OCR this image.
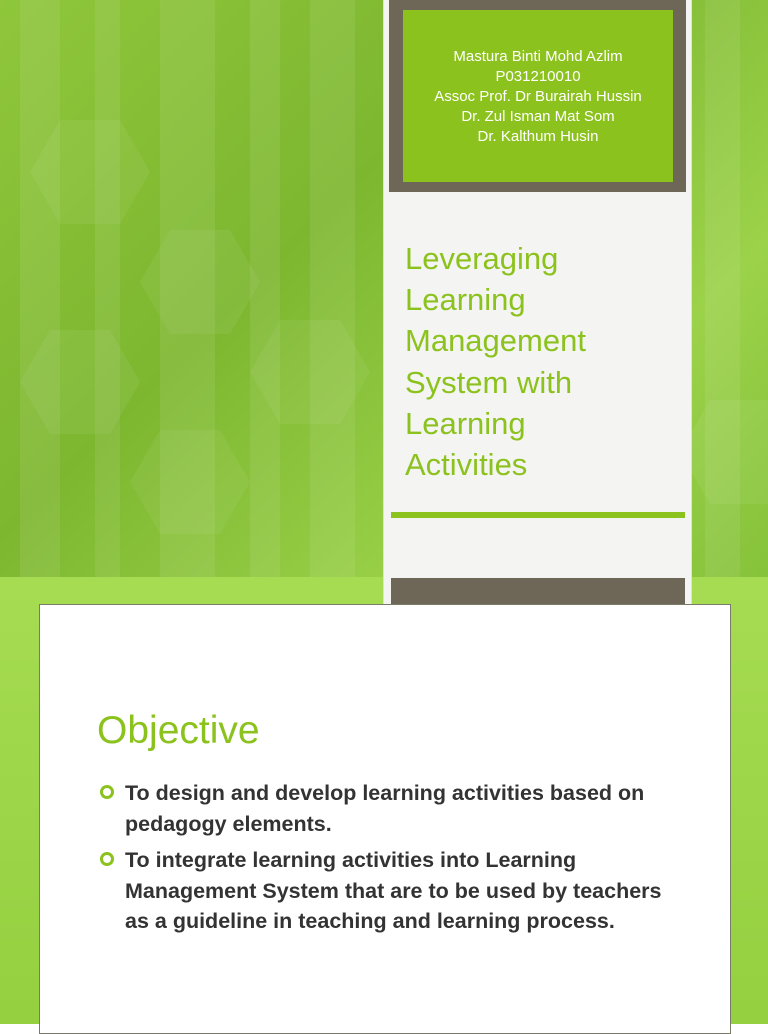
Mastura Binti Mohd Azlim
P031210010
Assoc Prof. Dr Burairah Hussin
Dr. Zul Isman Mat Som
Dr. Kalthum Husin
Leveraging
Learning
Management
System with
Learning
Activities
Objective
To design and develop learning activities based on pedagogy elements.
To integrate learning activities into Learning Management System that are to be used by teachers as a guideline in teaching and learning process.
